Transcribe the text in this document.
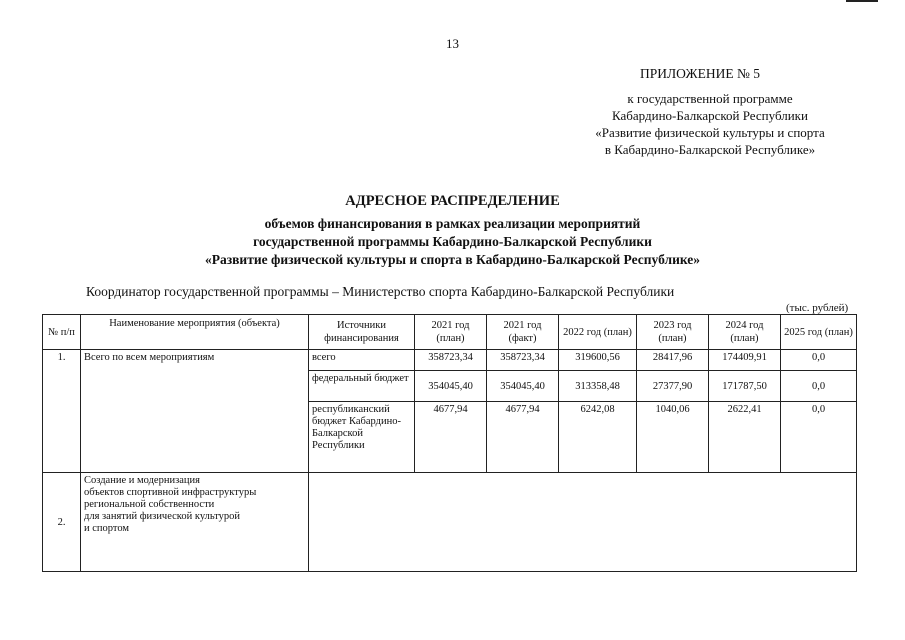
13
ПРИЛОЖЕНИЕ № 5
к государственной программе
Кабардино-Балкарской Республики
«Развитие физической культуры и спорта
в Кабардино-Балкарской Республике»
АДРЕСНОЕ РАСПРЕДЕЛЕНИЕ
объемов финансирования в рамках реализации мероприятий
государственной программы Кабардино-Балкарской Республики
«Развитие физической культуры и спорта в Кабардино-Балкарской Республике»
Координатор государственной программы – Министерство спорта Кабардино-Балкарской Республики
(тыс. рублей)
№ п/п	Наименование мероприятия (объекта)	Источники финансирования	2021 год (план)	2021 год (факт)	2022 год (план)	2023 год (план)	2024 год (план)	2025 год (план)
1.	Всего по всем мероприятиям	всего	358723,34	358723,34	319600,56	28417,96	174409,91	0,0
		федеральный бюджет	354045,40	354045,40	313358,48	27377,90	171787,50	0,0
		республиканский бюджет Кабардино-Балкарской Республики	4677,94	4677,94	6242,08	1040,06	2622,41	0,0
2.	Создание и модернизация
объектов спортивной инфраструктуры
региональной собственности
для занятий физической культурой
и спортом							
